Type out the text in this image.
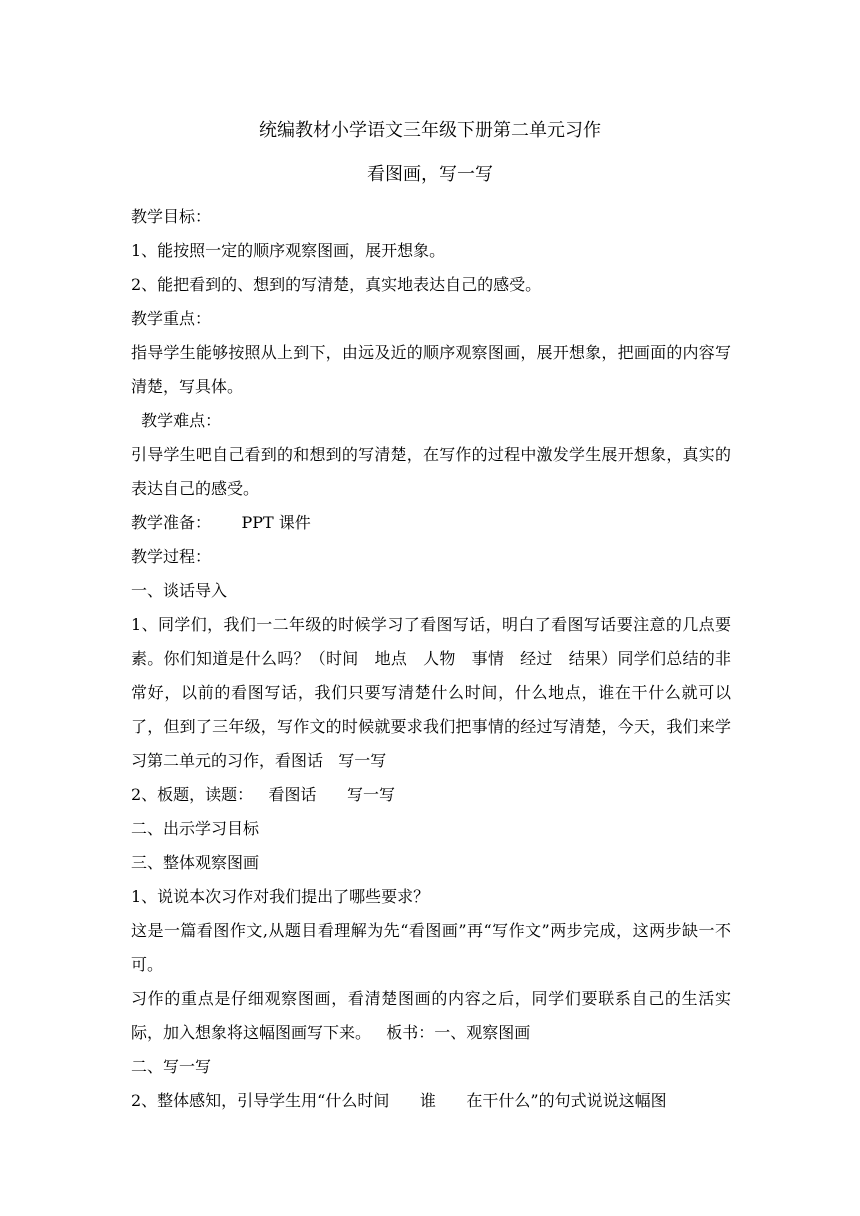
统编教材小学语文三年级下册第二单元习作
看图画，写一写

教学目标：

1、能按照一定的顺序观察图画，展开想象。

2、能把看到的、想到的写清楚，真实地表达自己的感受。

教学重点：

指导学生能够按照从上到下，由远及近的顺序观察图画，展开想象，把画面的内容写清楚，写具体。

教学难点：

引导学生吧自己看到的和想到的写清楚，在写作的过程中激发学生展开想象，真实的表达自己的感受。

教学准备：      PPT 课件

教学过程：

一、谈话导入

1、同学们，我们一二年级的时候学习了看图写话，明白了看图写话要注意的几点要素。你们知道是什么吗？（时间   地点   人物   事情   经过   结果）同学们总结的非常好，以前的看图写话，我们只要写清楚什么时间，什么地点，谁在干什么就可以了，但到了三年级，写作文的时候就要求我们把事情的经过写清楚，今天，我们来学习第二单元的习作，看图话   写一写

2、板题，读题：   看图话      写一写

二、出示学习目标

三、整体观察图画

1、说说本次习作对我们提出了哪些要求？

这是一篇看图作文,从题目看理解为先“看图画”再“写作文”两步完成，这两步缺一不可。

习作的重点是仔细观察图画，看清楚图画的内容之后，同学们要联系自己的生活实际，加入想象将这幅图画写下来。   板书：一、观察图画

二、写一写

2、整体感知，引导学生用“什么时间      谁      在干什么”的句式说说这幅图
